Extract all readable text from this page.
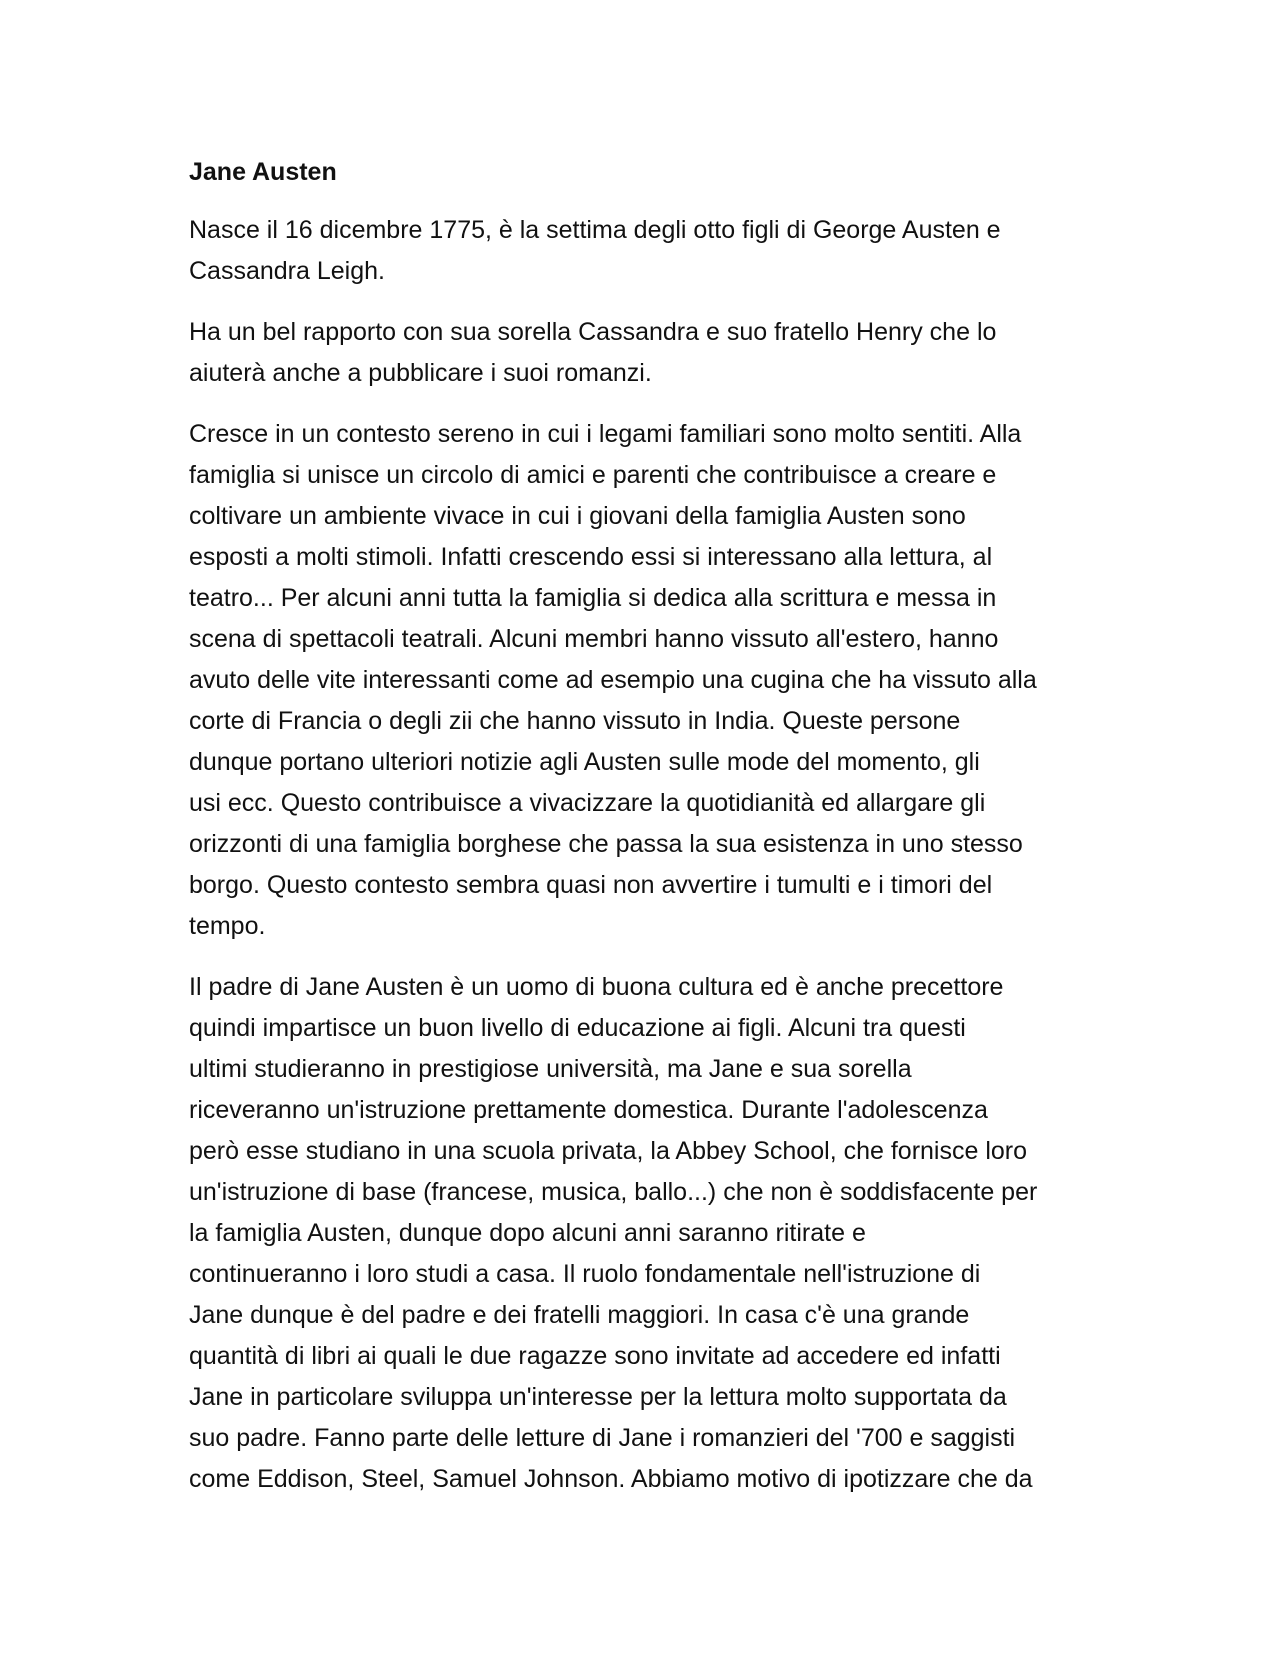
Jane Austen
Nasce il 16 dicembre 1775, è la settima degli otto figli di George Austen e
Cassandra Leigh.
Ha un bel rapporto con sua sorella Cassandra e suo fratello Henry che lo
aiuterà anche a pubblicare i suoi romanzi.
Cresce in un contesto sereno in cui i legami familiari sono molto sentiti. Alla
famiglia si unisce un circolo di amici e parenti che contribuisce a creare e
coltivare un ambiente vivace in cui i giovani della famiglia Austen sono
esposti a molti stimoli. Infatti crescendo essi si interessano alla lettura, al
teatro... Per alcuni anni tutta la famiglia si dedica alla scrittura e messa in
scena di spettacoli teatrali. Alcuni membri hanno vissuto all'estero, hanno
avuto delle vite interessanti come ad esempio una cugina che ha vissuto alla
corte di Francia o degli zii che hanno vissuto in India. Queste persone
dunque portano ulteriori notizie agli Austen sulle mode del momento, gli
usi ecc. Questo contribuisce a vivacizzare la quotidianità ed allargare gli
orizzonti di una famiglia borghese che passa la sua esistenza in uno stesso
borgo. Questo contesto sembra quasi non avvertire i tumulti e i timori del
tempo.
Il padre di Jane Austen è un uomo di buona cultura ed è anche precettore
quindi impartisce un buon livello di educazione ai figli. Alcuni tra questi
ultimi studieranno in prestigiose università, ma Jane e sua sorella
riceveranno un'istruzione prettamente domestica. Durante l'adolescenza
però esse studiano in una scuola privata, la Abbey School, che fornisce loro
un'istruzione di base (francese, musica, ballo...) che non è soddisfacente per
la famiglia Austen, dunque dopo alcuni anni saranno ritirate e
continueranno i loro studi a casa. Il ruolo fondamentale nell'istruzione di
Jane dunque è del padre e dei fratelli maggiori. In casa c'è una grande
quantità di libri ai quali le due ragazze sono invitate ad accedere ed infatti
Jane in particolare sviluppa un'interesse per la lettura molto supportata da
suo padre. Fanno parte delle letture di Jane i romanzieri del '700 e saggisti
come Eddison, Steel, Samuel Johnson. Abbiamo motivo di ipotizzare che da
